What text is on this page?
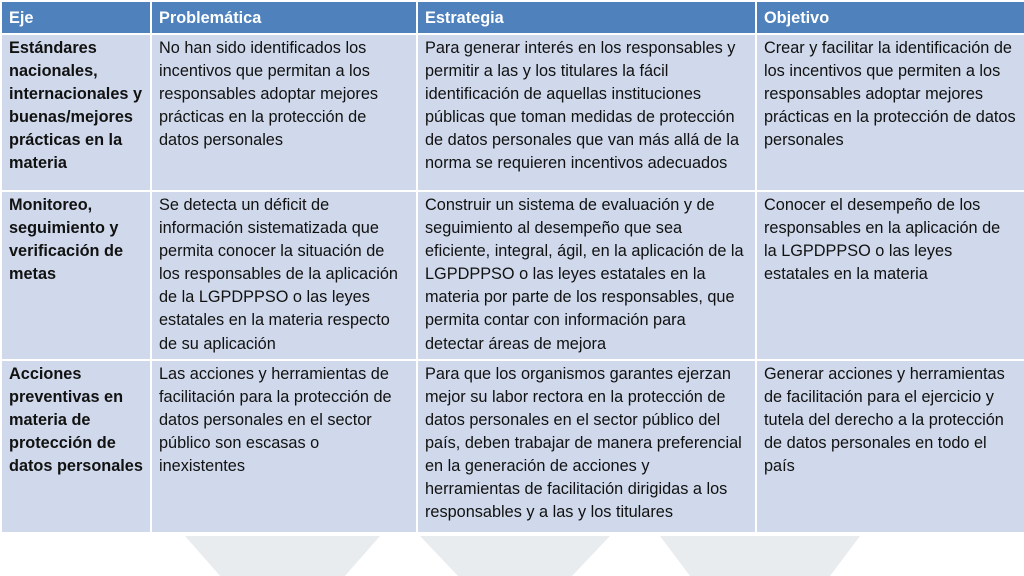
Eje	Problemática	Estrategia	Objetivo
Estándares nacionales, internacionales y buenas/mejores prácticas en la materia	No han sido identificados los incentivos que permitan a los responsables adoptar mejores prácticas en la protección de datos personales	Para generar interés en los responsables y permitir a las y los titulares la fácil identificación de aquellas instituciones públicas que toman medidas de protección de datos personales que van más allá de la norma se requieren incentivos adecuados	Crear y facilitar la identificación de los incentivos que permiten a los responsables adoptar mejores prácticas en la protección de datos personales
Monitoreo, seguimiento y verificación de metas	Se detecta un déficit de información sistematizada que permita conocer la situación de los responsables de la aplicación de la LGPDPPSO o las leyes estatales en la materia respecto de su aplicación	Construir un sistema de evaluación y de seguimiento al desempeño que sea eficiente, integral, ágil, en la aplicación de la LGPDPPSO o las leyes estatales en la materia por parte de los responsables, que permita contar con información para detectar áreas de mejora	Conocer el desempeño de los responsables en la aplicación de la LGPDPPSO o las leyes estatales en la materia
Acciones preventivas en materia de protección de datos personales	Las acciones y herramientas de facilitación para la protección de datos personales en el sector público son escasas o inexistentes	Para que los organismos garantes ejerzan mejor su labor rectora en la protección de datos personales en el sector público del país, deben trabajar de manera preferencial en la generación de acciones y herramientas de facilitación dirigidas a los responsables y a las y los titulares	Generar acciones y herramientas de facilitación para el ejercicio y tutela del derecho a la protección de datos personales en todo el país
